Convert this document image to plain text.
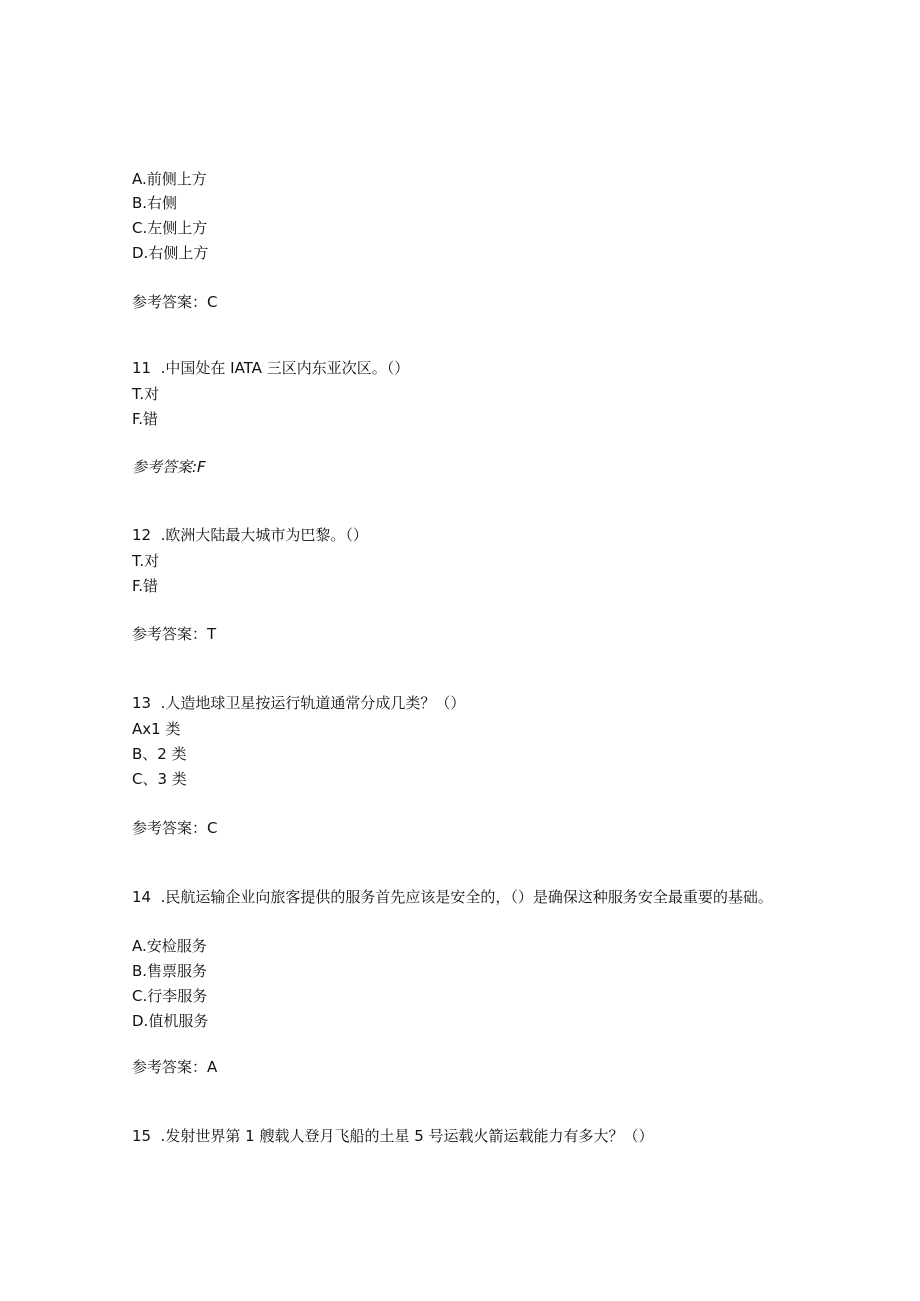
A.前侧上方
B.右侧
C.左侧上方
D.右侧上方
参考答案：C
11  .中国处在 IATA 三区内东亚次区。（）
T.对
F.错
参考答案:F
12  .欧洲大陆最大城市为巴黎。（）
T.对
F.错
参考答案：T
13  .人造地球卫星按运行轨道通常分成几类？（）
Ax1 类
B、2 类
C、3 类
参考答案：C
14  .民航运输企业向旅客提供的服务首先应该是安全的，（）是确保这种服务安全最重要的基础。
A.安检服务
B.售票服务
C.行李服务
D.值机服务
参考答案：A
15  .发射世界第 1 艘载人登月飞船的土星 5 号运载火箭运载能力有多大？（）
